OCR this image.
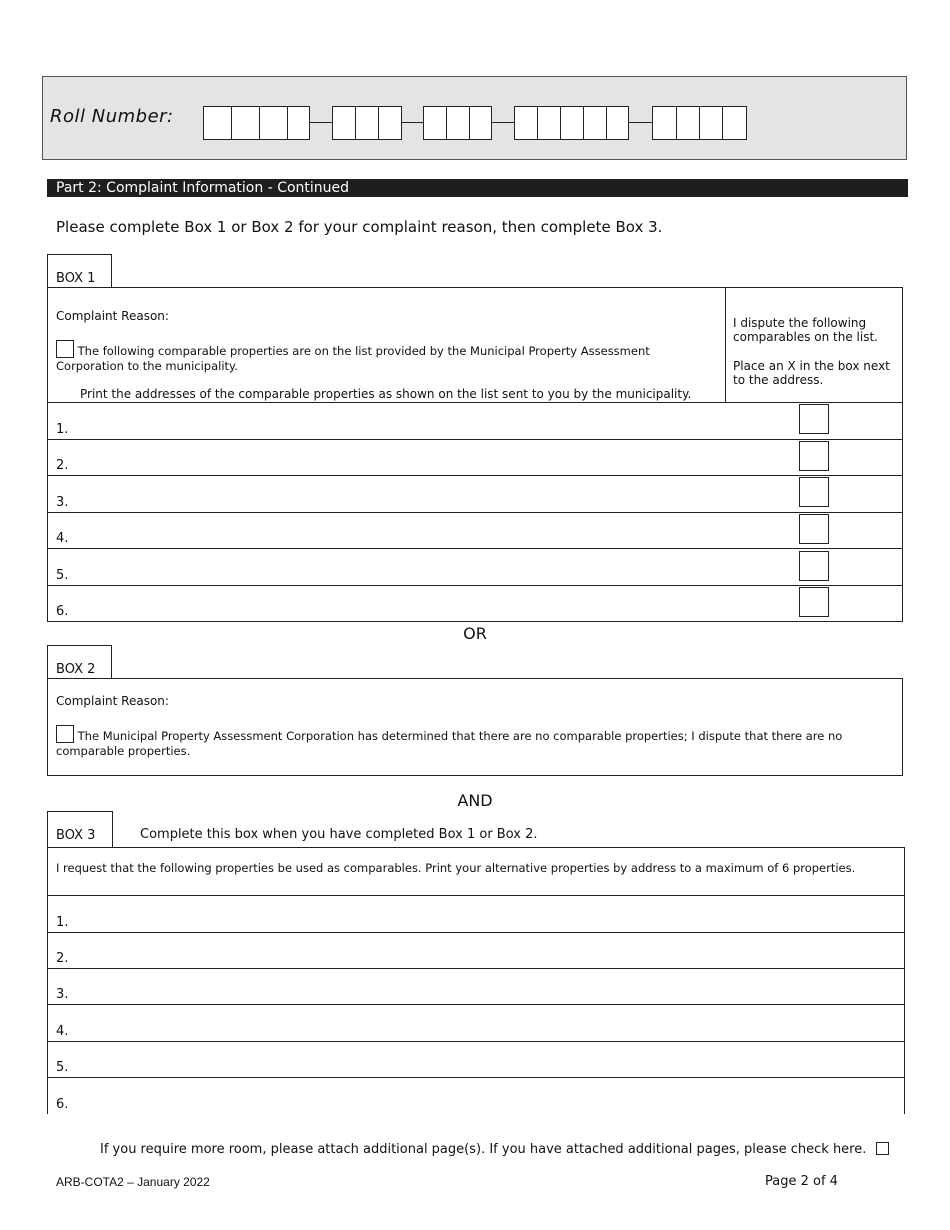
Roll Number:
Part 2: Complaint Information - Continued
Please complete Box 1 or Box 2 for your complaint reason, then complete Box 3.
BOX 1
Complaint Reason:
The following comparable properties are on the list provided by the Municipal Property Assessment Corporation to the municipality.
Print the addresses of the comparable properties as shown on the list sent to you by the municipality.
I dispute the following comparables on the list.
Place an X in the box next to the address.
1.
2.
3.
4.
5.
6.
OR
BOX 2
Complaint Reason:
The Municipal Property Assessment Corporation has determined that there are no comparable properties; I dispute that there are no comparable properties.
AND
BOX 3	Complete this box when you have completed Box 1 or Box 2.
I request that the following properties be used as comparables. Print your alternative properties by address to a maximum of 6 properties.
1.
2.
3.
4.
5.
6.
If you require more room, please attach additional page(s). If you have attached additional pages, please check here.
ARB-COTA2 – January 2022	Page 2 of 4
